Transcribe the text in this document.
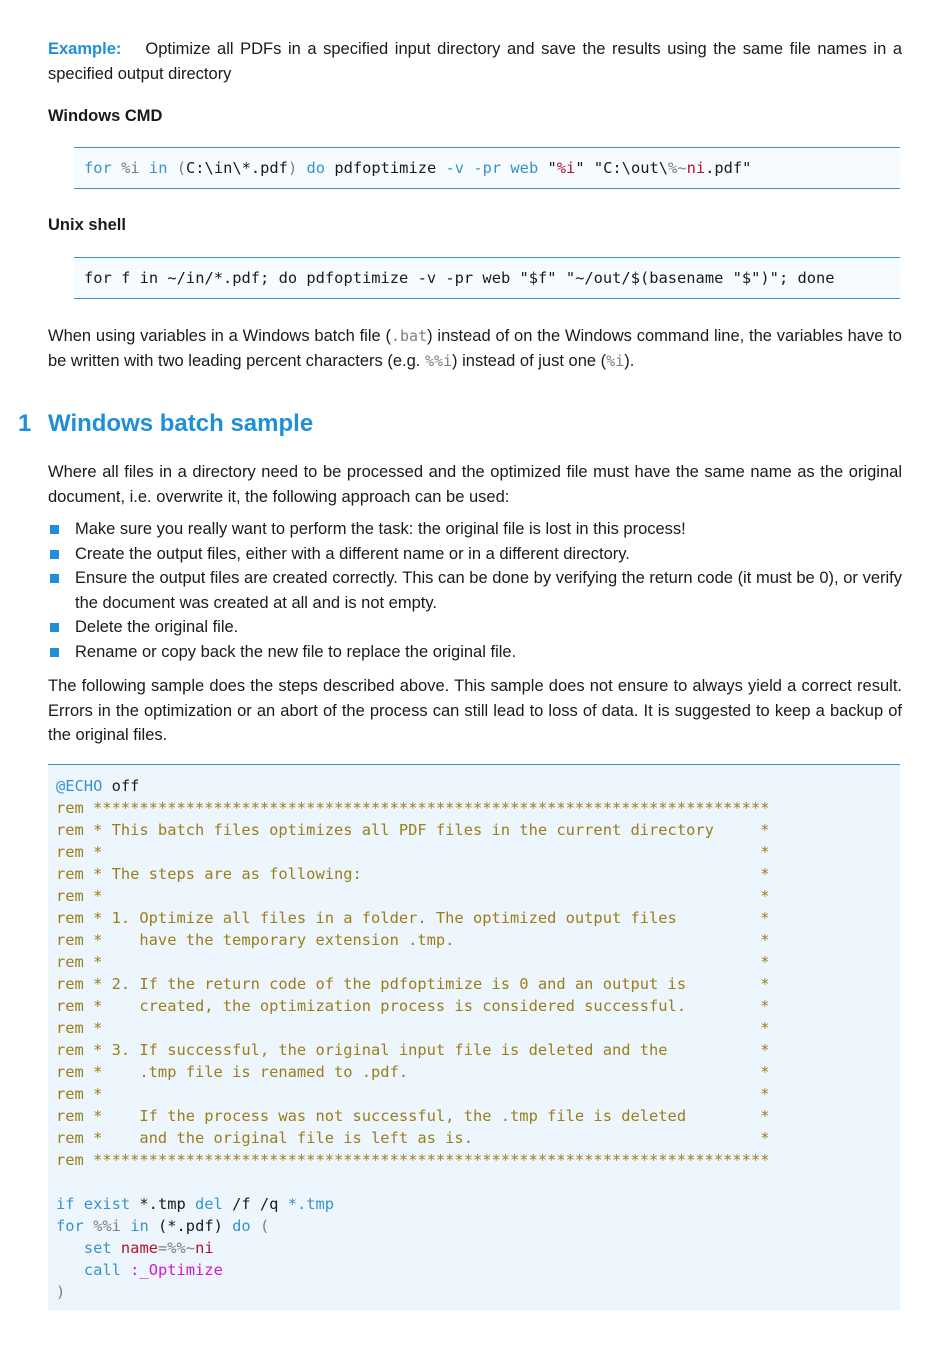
Example: Optimize all PDFs in a specified input directory and save the results using the same file names in a specified output directory
Windows CMD
for %i in (C:\in\*.pdf) do pdfoptimize -v -pr web "%i" "C:\out\%~ni.pdf"
Unix shell
for f in ~/in/*.pdf; do pdfoptimize -v -pr web "$f" "~/out/$(basename "$")"; done
When using variables in a Windows batch file (.bat) instead of on the Windows command line, the variables have to be written with two leading percent characters (e.g. %%i) instead of just one (%i).
1 Windows batch sample
Where all files in a directory need to be processed and the optimized file must have the same name as the original document, i.e. overwrite it, the following approach can be used:
Make sure you really want to perform the task: the original file is lost in this process!
Create the output files, either with a different name or in a different directory.
Ensure the output files are created correctly. This can be done by verifying the return code (it must be 0), or verify the document was created at all and is not empty.
Delete the original file.
Rename or copy back the new file to replace the original file.
The following sample does the steps described above. This sample does not ensure to always yield a correct result. Errors in the optimization or an abort of the process can still lead to loss of data. It is suggested to keep a backup of the original files.
@ECHO off
rem *************************************************************************
rem * This batch files optimizes all PDF files in the current directory     *
rem *                                                                       *
rem * The steps are as following:                                           *
rem *                                                                       *
rem * 1. Optimize all files in a folder. The optimized output files         *
rem *    have the temporary extension .tmp.                                 *
rem *                                                                       *
rem * 2. If the return code of the pdfoptimize is 0 and an output is        *
rem *    created, the optimization process is considered successful.        *
rem *                                                                       *
rem * 3. If successful, the original input file is deleted and the          *
rem *    .tmp file is renamed to .pdf.                                      *
rem *                                                                       *
rem *    If the process was not successful, the .tmp file is deleted        *
rem *    and the original file is left as is.                               *
rem *************************************************************************
if exist *.tmp del /f /q *.tmp
for %%i in (*.pdf) do (
set name=%%~ni
call :_Optimize
)
